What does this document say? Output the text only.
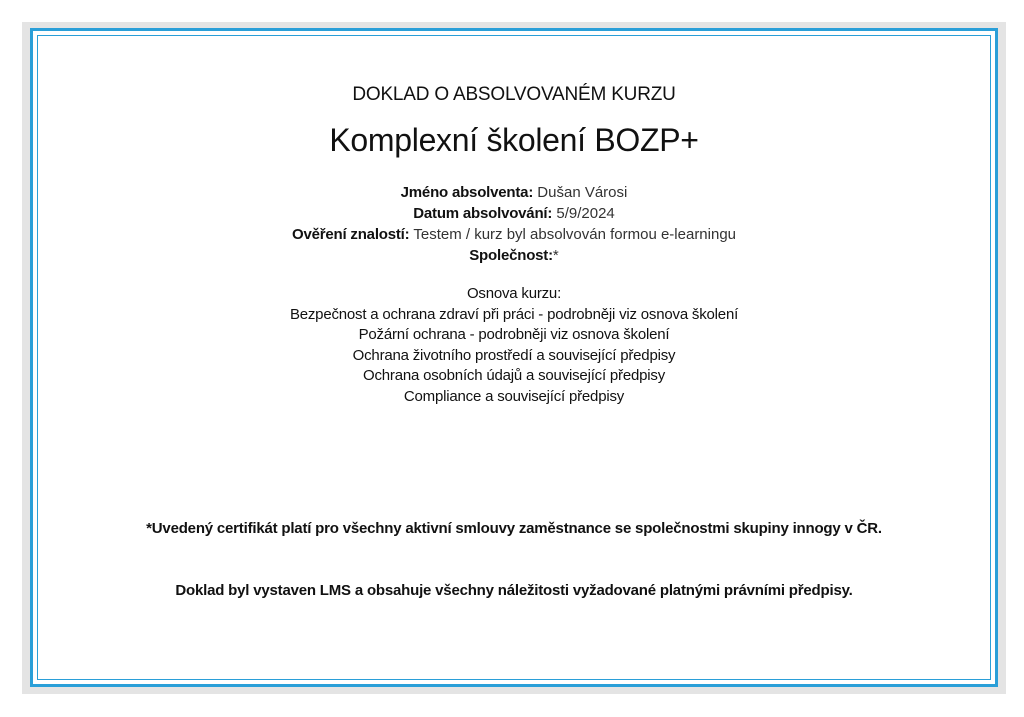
DOKLAD O ABSOLVOVANÉM KURZU
Komplexní školení BOZP+
Jméno absolventa: Dušan Városi
Datum absolvování: 5/9/2024
Ověření znalostí: Testem / kurz byl absolvován formou e-learningu
Společnost:*
Osnova kurzu:
Bezpečnost a ochrana zdraví při práci - podrobněji viz osnova školení
Požární ochrana - podrobněji viz osnova školení
Ochrana životního prostředí a související předpisy
Ochrana osobních údajů a související předpisy
Compliance a související předpisy
*Uvedený certifikát platí pro všechny aktivní smlouvy zaměstnance se společnostmi skupiny innogy v ČR.
Doklad byl vystaven LMS a obsahuje všechny náležitosti vyžadované platnými právními předpisy.
